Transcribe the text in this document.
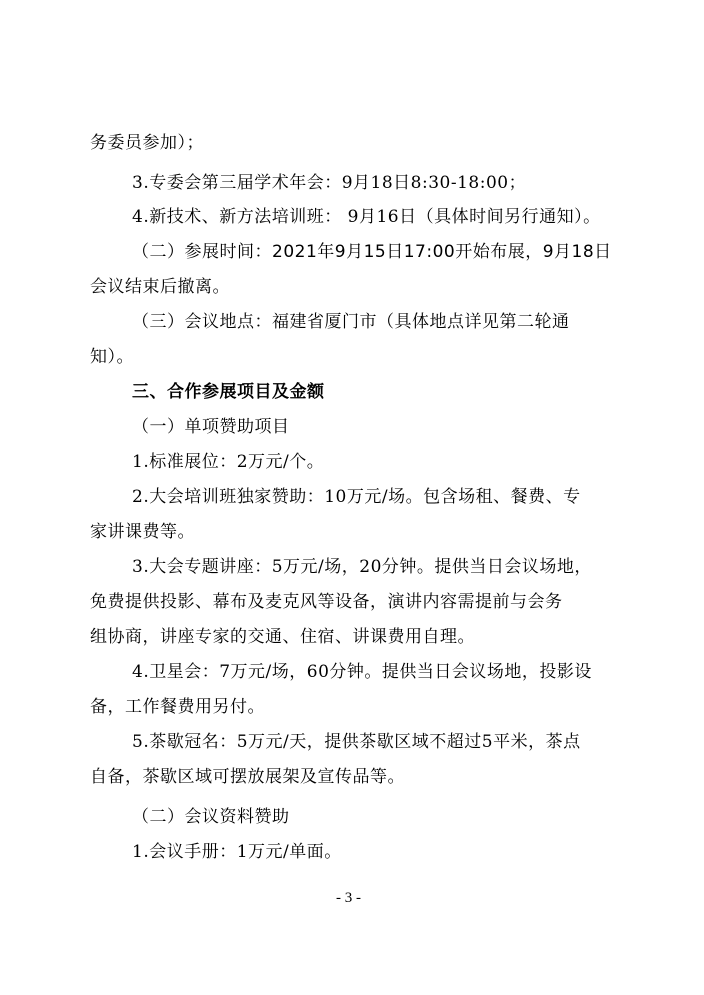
务委员参加）；
3.专委会第三届学术年会：9月18日8:30-18:00；
4.新技术、新方法培训班： 9月16日（具体时间另行通知）。
（二）参展时间：2021年9月15日17:00开始布展，9月18日
会议结束后撤离。
（三）会议地点：福建省厦门市（具体地点详见第二轮通
知）。
三、合作参展项目及金额
（一）单项赞助项目
1.标准展位：2万元/个。
2.大会培训班独家赞助：10万元/场。包含场租、餐费、专
家讲课费等。
3.大会专题讲座：5万元/场，20分钟。提供当日会议场地，
免费提供投影、幕布及麦克风等设备，演讲内容需提前与会务
组协商，讲座专家的交通、住宿、讲课费用自理。
4.卫星会：7万元/场，60分钟。提供当日会议场地，投影设
备，工作餐费用另付。
5.茶歇冠名：5万元/天，提供茶歇区域不超过5平米，茶点
自备，茶歇区域可摆放展架及宣传品等。
（二）会议资料赞助
1.会议手册：1万元/单面。
- 3 -
